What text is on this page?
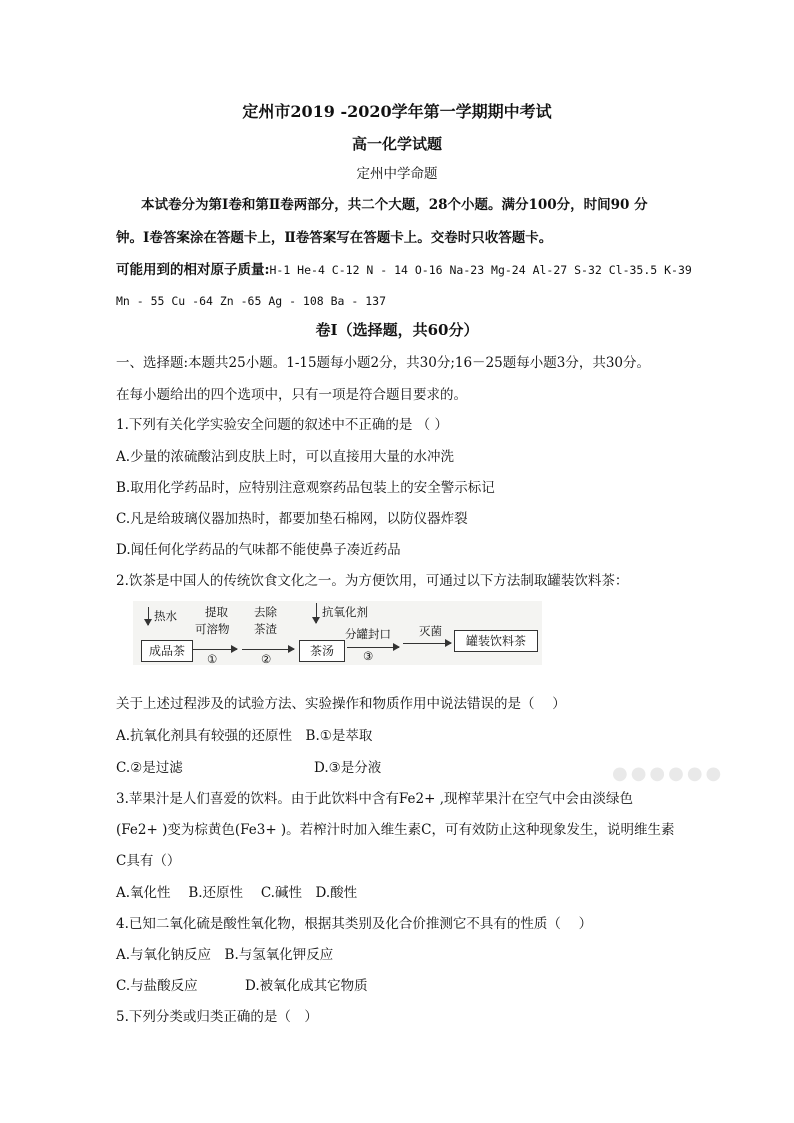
定州市2019 -2020学年第一学期期中考试
高一化学试题
定州中学命题
本试卷分为第Ⅰ卷和第Ⅱ卷两部分，共二个大题，28个小题。满分100分，时间90 分
钟。Ⅰ卷答案涂在答题卡上，Ⅱ卷答案写在答题卡上。交卷时只收答题卡。
可能用到的相对原子质量:H-1 He-4 C-12 N - 14 O-16 Na-23 Mg-24 Al-27 S-32 Cl-35.5 K-39
Mn - 55 Cu -64 Zn -65 Ag - 108 Ba - 137
卷Ⅰ（选择题，共60分）
一、选择题:本题共25小题。1-15题每小题2分，共30分;16－25题每小题3分，共30分。
在每小题给出的四个选项中，只有一项是符合题目要求的。
1.下列有关化学实验安全问题的叙述中不正确的是 （ ）
A.少量的浓硫酸沾到皮肤上时，可以直接用大量的水冲洗
B.取用化学药品时，应特别注意观察药品包装上的安全警示标记
C.凡是给玻璃仪器加热时，都要加垫石棉网，以防仪器炸裂
D.闻任何化学药品的气味都不能使鼻子凑近药品
2.饮茶是中国人的传统饮食文化之一。为方便饮用，可通过以下方法制取罐装饮料茶：
热水
成品茶
提取
可溶物
①
去除
茶渣
②
茶汤
抗氧化剂
分罐封口
③
灭菌
罐装饮料茶
关于上述过程涉及的试验方法、实验操作和物质作用中说法错误的是（　 ）
A.抗氧化剂具有较强的还原性　B.①是萃取
C.②是过滤	D.③是分液
3.苹果汁是人们喜爱的饮料。由于此饮料中含有Fe2+ ,现榨苹果汁在空气中会由淡绿色
(Fe2+ )变为棕黄色(Fe3+ )。若榨汁时加入维生素C，可有效防止这种现象发生，说明维生素
C具有（）
A.氧化性　 B.还原性　 C.碱性　D.酸性
4.已知二氧化硫是酸性氧化物，根据其类别及化合价推测它不具有的性质（　 ）
A.与氧化钠反应　B.与氢氧化钾反应
C.与盐酸反应	D.被氧化成其它物质
5.下列分类或归类正确的是（　）
●●●●●●
